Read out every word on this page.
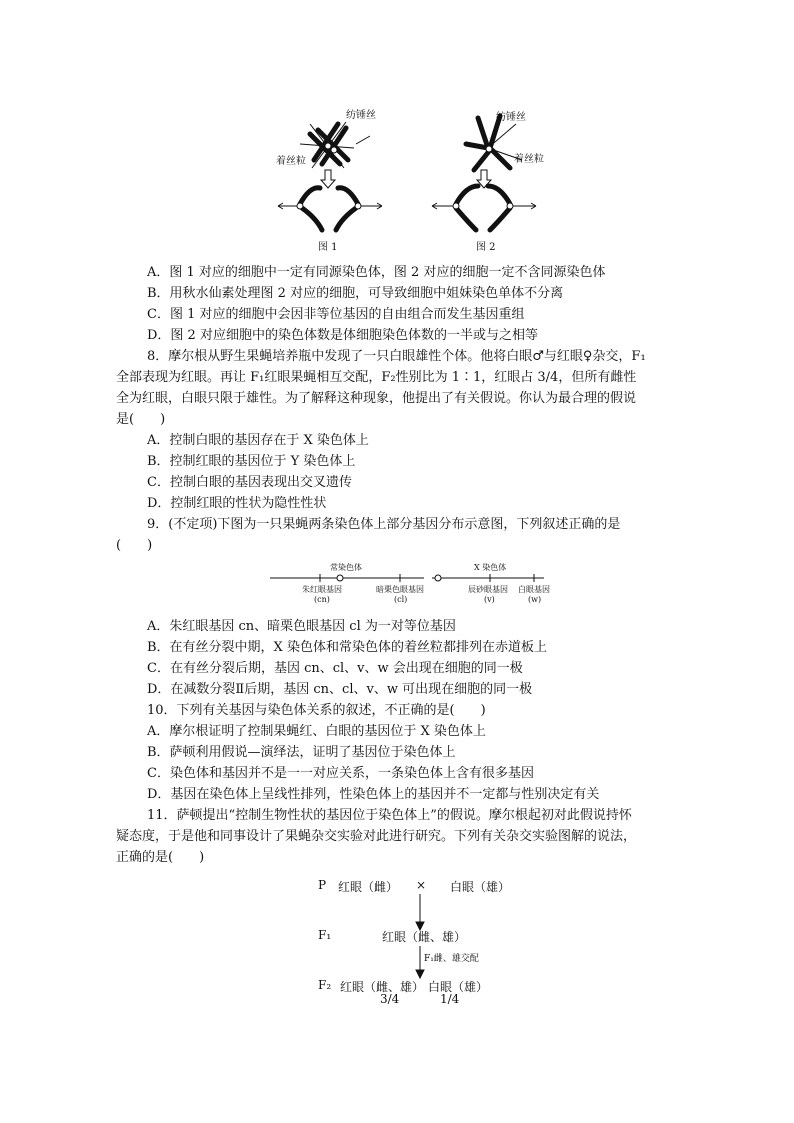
纺锤丝
着丝粒
纺锤丝
着丝粒
图 1	图 2
A．图 1 对应的细胞中一定有同源染色体，图 2 对应的细胞一定不含同源染色体
B．用秋水仙素处理图 2 对应的细胞，可导致细胞中姐妹染色单体不分离
C．图 1 对应的细胞中会因非等位基因的自由组合而发生基因重组
D．图 2 对应细胞中的染色体数是体细胞染色体数的一半或与之相等
8．摩尔根从野生果蝇培养瓶中发现了一只白眼雄性个体。他将白眼♂与红眼♀杂交，F₁
全部表现为红眼。再让 F₁红眼果蝇相互交配，F₂性别比为 1∶1，红眼占 3/4，但所有雌性
全为红眼，白眼只限于雄性。为了解释这种现象，他提出了有关假说。你认为最合理的假说
是(　　)
A．控制白眼的基因存在于 X 染色体上
B．控制红眼的基因位于 Y 染色体上
C．控制白眼的基因表现出交叉遗传
D．控制红眼的性状为隐性性状
9．(不定项)下图为一只果蝇两条染色体上部分基因分布示意图，下列叙述正确的是
(　　)
常染色体	X 染色体
朱红眼基因
(cn)
暗栗色眼基因
(cl)
辰砂眼基因
(v)
白眼基因
(w)
A．朱红眼基因 cn、暗栗色眼基因 cl 为一对等位基因
B．在有丝分裂中期，X 染色体和常染色体的着丝粒都排列在赤道板上
C．在有丝分裂后期，基因 cn、cl、v、w 会出现在细胞的同一极
D．在减数分裂Ⅱ后期，基因 cn、cl、v、w 可出现在细胞的同一极
10．下列有关基因与染色体关系的叙述，不正确的是(　　)
A．摩尔根证明了控制果蝇红、白眼的基因位于 X 染色体上
B．萨顿利用假说—演绎法，证明了基因位于染色体上
C．染色体和基因并不是一一对应关系，一条染色体上含有很多基因
D．基因在染色体上呈线性排列，性染色体上的基因并不一定都与性别决定有关
11．萨顿提出“控制生物性状的基因位于染色体上”的假说。摩尔根起初对此假说持怀
疑态度，于是他和同事设计了果蝇杂交实验对此进行研究。下列有关杂交实验图解的说法，
正确的是(　　)
P 红眼（雌） × 白眼（雄）
F₁	红眼（雌、雄）
F₁雌、雄交配
F₂ 红眼（雌、雄） 白眼（雄）
3/4	1/4
